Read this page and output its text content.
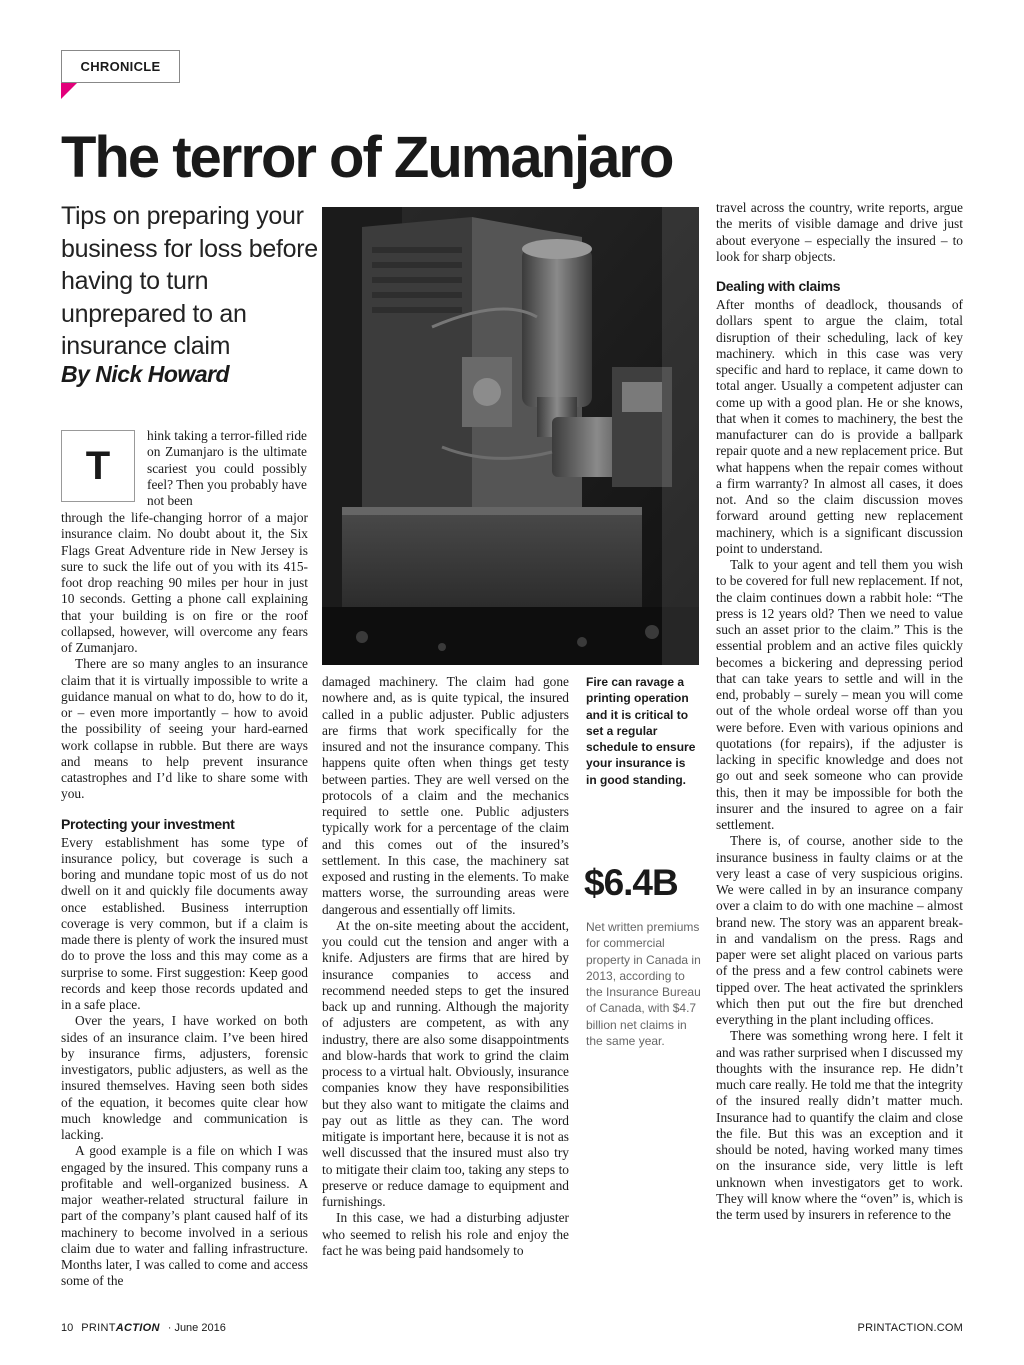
CHRONICLE
The terror of Zumanjaro
Tips on preparing your business for loss before having to turn unprepared to an insurance claim
By Nick Howard
T

hink taking a terror-filled ride on Zumanjaro is the ultimate scariest you could possibly feel? Then you probably have not been

through the life-changing horror of a major insurance claim. No doubt about it, the Six Flags Great Adventure ride in New Jersey is sure to suck the life out of you with its 415-foot drop reaching 90 miles per hour in just 10 seconds. Getting a phone call explaining that your building is on fire or the roof collapsed, however, will overcome any fears of Zumanjaro.

There are so many angles to an insurance claim that it is virtually impossible to write a guidance manual on what to do, how to do it, or – even more importantly – how to avoid the possibility of seeing your hard-earned work collapse in rubble. But there are ways and means to help prevent insurance catastrophes and I’d like to share some with you.

Protecting your investment

Every establishment has some type of insurance policy, but coverage is such a boring and mundane topic most of us do not dwell on it and quickly file documents away once established. Business interruption coverage is very common, but if a claim is made there is plenty of work the insured must do to prove the loss and this may come as a surprise to some. First suggestion: Keep good records and keep those records updated and in a safe place.

Over the years, I have worked on both sides of an insurance claim. I’ve been hired by insurance firms, adjusters, forensic investigators, public adjusters, as well as the insured themselves. Having seen both sides of the equation, it becomes quite clear how much knowledge and communication is lacking.

A good example is a file on which I was engaged by the insured. This company runs a profitable and well-organized business. A major weather-related structural failure in part of the company’s plant caused half of its machinery to become involved in a serious claim due to water and falling infrastructure. Months later, I was called to come and access some of the

damaged machinery. The claim had gone nowhere and, as is quite typical, the insured called in a public adjuster. Public adjusters are firms that work specifically for the insured and not the insurance company. This happens quite often when things get testy between parties. They are well versed on the protocols of a claim and the mechanics required to settle one. Public adjusters typically work for a percentage of the claim and this comes out of the insured’s settlement. In this case, the machinery sat exposed and rusting in the elements. To make matters worse, the surrounding areas were dangerous and essentially off limits.

At the on-site meeting about the accident, you could cut the tension and anger with a knife. Adjusters are firms that are hired by insurance companies to access and recommend needed steps to get the insured back up and running. Although the majority of adjusters are competent, as with any industry, there are also some disappointments and blow-hards that work to grind the claim process to a virtual halt. Obviously, insurance companies know they have responsibilities but they also want to mitigate the claims and pay out as little as they can. The word mitigate is important here, because it is not as well discussed that the insured must also try to mitigate their claim too, taking any steps to preserve or reduce damage to equipment and furnishings.

In this case, we had a disturbing adjuster who seemed to relish his role and enjoy the fact he was being paid handsomely to

Fire can ravage a printing operation and it is critical to set a regular schedule to ensure your insurance is in good standing.
$6.4B
Net written premiums for commercial property in Canada in 2013, according to the Insurance Bureau of Canada, with $4.7 billion net claims in the same year.

travel across the country, write reports, argue the merits of visible damage and drive just about everyone – especially the insured – to look for sharp objects.

Dealing with claims

After months of deadlock, thousands of dollars spent to argue the claim, total disruption of their scheduling, lack of key machinery. which in this case was very specific and hard to replace, it came down to total anger. Usually a competent adjuster can come up with a good plan. He or she knows, that when it comes to machinery, the best the manufacturer can do is provide a ballpark repair quote and a new replacement price. But what happens when the repair comes without a firm warranty? In almost all cases, it does not. And so the claim discussion moves forward around getting new replacement machinery, which is a significant discussion point to understand.

Talk to your agent and tell them you wish to be covered for full new replacement. If not, the claim continues down a rabbit hole: “The press is 12 years old? Then we need to value such an asset prior to the claim.” This is the essential problem and an active files quickly becomes a bickering and depressing period that can take years to settle and will in the end, probably – surely – mean you will come out of the whole ordeal worse off than you were before. Even with various opinions and quotations (for repairs), if the adjuster is lacking in specific knowledge and does not go out and seek someone who can provide this, then it may be impossible for both the insurer and the insured to agree on a fair settlement.

There is, of course, another side to the insurance business in faulty claims or at the very least a case of very suspicious origins. We were called in by an insurance company over a claim to do with one machine – almost brand new. The story was an apparent break-in and vandalism on the press. Rags and paper were set alight placed on various parts of the press and a few control cabinets were tipped over. The heat activated the sprinklers which then put out the fire but drenched everything in the plant including offices.

There was something wrong here. I felt it and was rather surprised when I discussed my thoughts with the insurance rep. He didn’t much care really. He told me that the integrity of the insured really didn’t matter much. Insurance had to quantify the claim and close the file. But this was an exception and it should be noted, having worked many times on the insurance side, very little is left unknown when investigators get to work. They will know where the “oven” is, which is the term used by insurers in reference to the

10 PRINTACTION · June 2016	PRINTACTION.COM
